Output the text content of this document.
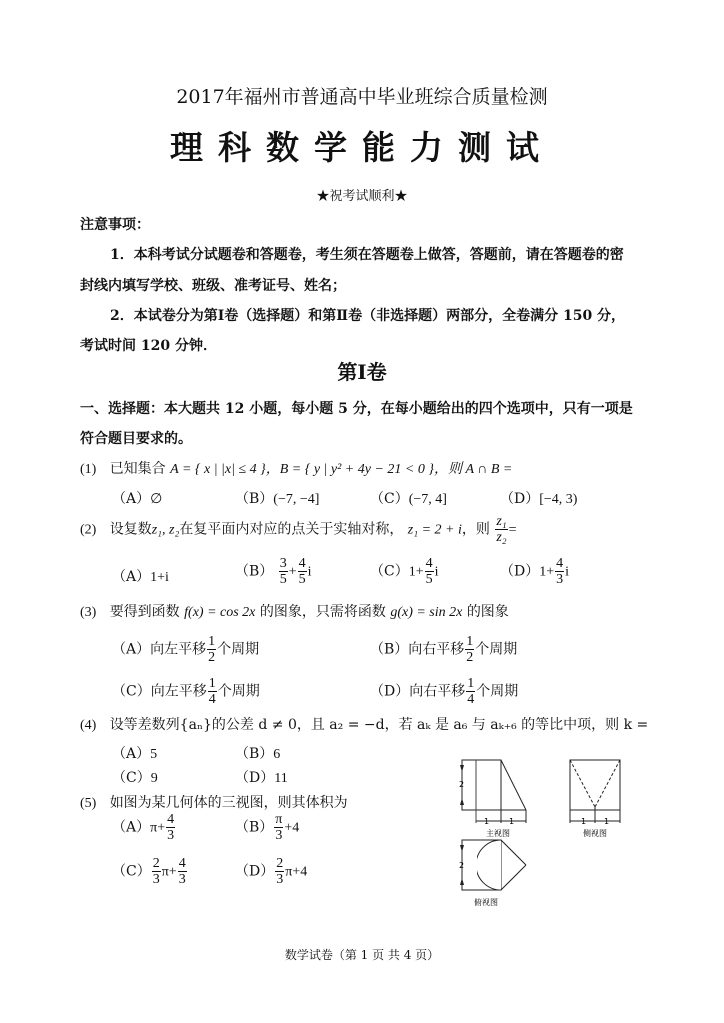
2017年福州市普通高中毕业班综合质量检测
理科数学能力测试
★祝考试顺利★
注意事项：
1．本科考试分试题卷和答题卷，考生须在答题卷上做答，答题前，请在答题卷的密
封线内填写学校、班级、准考证号、姓名；
2．本试卷分为第Ⅰ卷（选择题）和第Ⅱ卷（非选择题）两部分，全卷满分 150 分，
考试时间 120 分钟．
第Ⅰ卷
一、选择题：本大题共 12 小题，每小题 5 分，在每小题给出的四个选项中，只有一项是
符合题目要求的。
(1) 已知集合 A = { x | |x| ≤ 4 }，B = { y | y² + 4y − 21 < 0 }，则 A ∩ B =
（A）∅	（B）(−7, −4]	（C）(−7, 4]	（D）[−4, 3)
(2) 设复数z₁, z₂在复平面内对应的点关于实轴对称， z₁ = 2 + i，则 $\frac{\text{z₁}}{\text{z₂}}$ =
（A）1+i	$(B) \frac{3}{5} + \frac{4}{5}$ i	$(C)1+ \frac{4}{5}$ i	$(D)1+ \frac{4}{3}$ i
(3) 要得到函数 f(x) = cos 2x 的图象，只需将函数 g(x) = sin 2x 的图象
（A）向左平移 $\frac{1}{2}$ 个周期	（B）向右平移 $\frac{1}{2}$ 个周期
（C）向左平移 $\frac{1}{4}$ 个周期	（D）向右平移 $\frac{1}{4}$ 个周期
(4) 设等差数列{aₙ}的公差 d ≠ 0，且 a₂ = −d，若 aₖ 是 a₆ 与 aₖ₊₆ 的等比中项，则 k =
（A）5	（B）6
（C）9	（D）11
(5) 如图为某几何体的三视图，则其体积为
$(A)\pi+ \frac{4}{3}$	$(B) \frac{\pi}{3} +4$
$(C) \frac{2}{3} \pi+ \frac{4}{3}$	$(D) \frac{2}{3} \pi+4$
2
1 1
主视图
1 1
侧视图
2
俯视图
数学试卷（第 1 页 共 4 页）
